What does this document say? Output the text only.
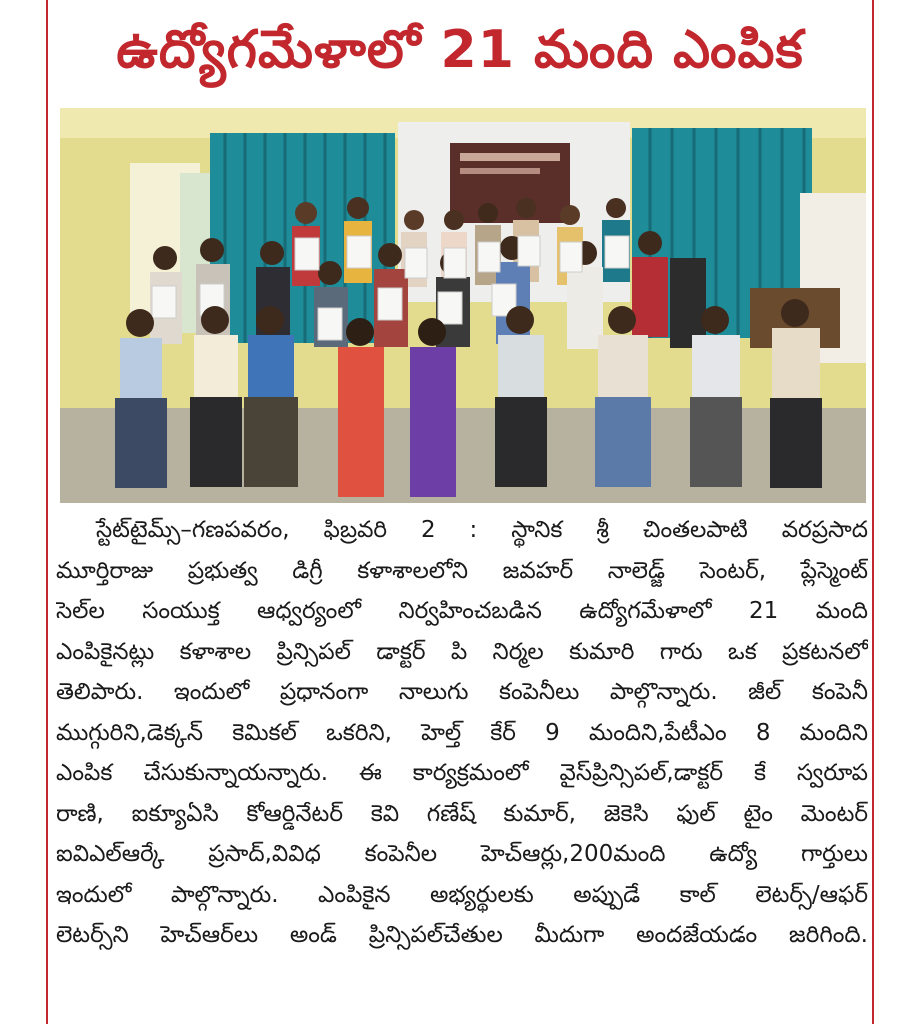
ఉద్యోగమేళాలో 21 మంది ఎంపిక
స్టేట్‌టైమ్స్‌–గణపవరం, ఫిబ్రవరి 2 : స్థానిక శ్రీ చింతలపాటి వరప్రసాద
మూర్తిరాజు ప్రభుత్వ డిగ్రీ కళాశాలలోని జవహర్ నాలెడ్జ్ సెంటర్, ప్లేస్మెంట్
సెల్‌ల సంయుక్త ఆధ్వర్యంలో నిర్వహించబడిన ఉద్యోగమేళాలో 21 మంది
ఎంపికైనట్లు కళాశాల ప్రిన్సిపల్ డాక్టర్ పి నిర్మల కుమారి గారు ఒక ప్రకటనలో
తెలిపారు. ఇందులో ప్రధానంగా నాలుగు కంపెనీలు పాల్గొన్నారు. జీల్ కంపెనీ
ముగ్గురిని,డెక్కన్ కెమికల్ ఒకరిని, హెల్త్ కేర్ 9 మందిని,పేటీఎం 8 మందిని
ఎంపిక చేసుకున్నాయన్నారు. ఈ కార్యక్రమంలో వైస్‌ప్రిన్సిపల్,డాక్టర్ కే స్వరూప
రాణి, ఐక్యూఏసి కోఆర్డినేటర్ కెవి గణేష్ కుమార్, జెకెసి ఫుల్ టైం మెంటర్
ఐవిఎల్ఆర్కే ప్రసాద్,వివిధ కంపెనీల హెచ్‌ఆర్లు,200మంది ఉద్యో గార్తులు
ఇందులో పాల్గొన్నారు. ఎంపికైన అభ్యర్థులకు అప్పుడే కాల్ లెటర్స్/ఆఫర్
లెటర్స్‌ని హెచ్‌ఆర్‌లు అండ్ ప్రిన్సిపల్‌చేతుల మీదుగా అందజేయడం జరిగింది.
